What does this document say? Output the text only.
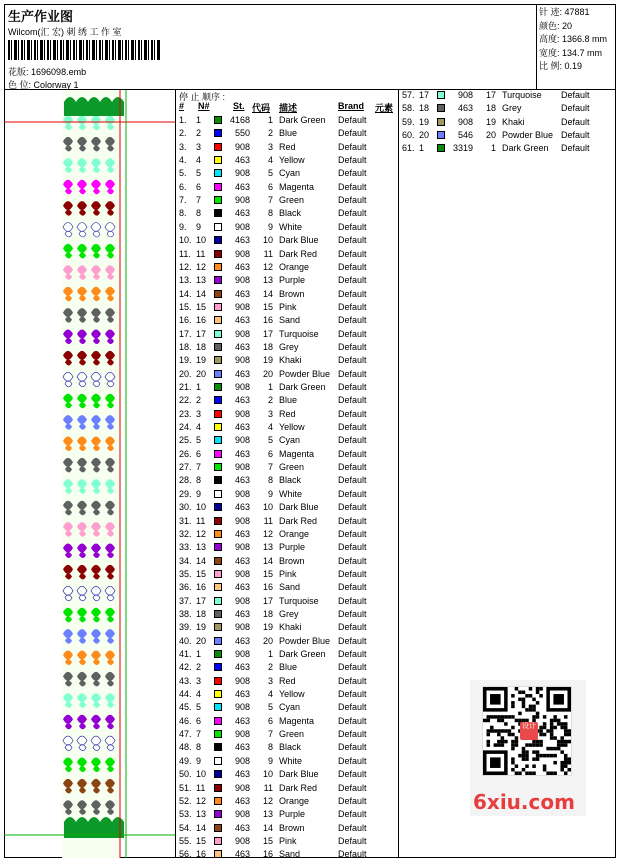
生产作业图
Wilcom(汇 宏) 刺 绣 工 作 室
花版: 1696098.emb
色 位: Colorway 1
针 迹: 47881
颜色: 20
高度: 1366.8 mm
宽度: 134.7 mm
比 例: 0.19
停 止 顺序 :
# N#	St. 代码 描述	Brand 元素
1. 1	4168 1 Dark Green Default
2. 2	550 2 Blue	Default
3. 3	908 3 Red	Default
4. 4	463 4 Yellow	Default
5. 5	908 5 Cyan	Default
6. 6	463 6 Magenta	Default
7. 7	908 7 Green	Default
8. 8	463 8 Black	Default
9. 9	908 9 White	Default
10. 10	463 10 Dark Blue Default
11. 11	908 11 Dark Red Default
12. 12	463 12 Orange	Default
13. 13	908 13 Purple	Default
14. 14	463 14 Brown	Default
15. 15	908 15 Pink	Default
16. 16	463 16 Sand	Default
17. 17	908 17 Turquoise Default
18. 18	463 18 Grey	Default
19. 19	908 19 Khaki	Default
20. 20	463 20 Powder Blue Default
21. 1	908 1 Dark Green Default
22. 2	463 2 Blue	Default
23. 3	908 3 Red	Default
24. 4	463 4 Yellow	Default
25. 5	908 5 Cyan	Default
26. 6	463 6 Magenta	Default
27. 7	908 7 Green	Default
28. 8	463 8 Black	Default
29. 9	908 9 White	Default
30. 10	463 10 Dark Blue Default
31. 11	908 11 Dark Red Default
32. 12	463 12 Orange	Default
33. 13	908 13 Purple	Default
34. 14	463 14 Brown	Default
35. 15	908 15 Pink	Default
36. 16	463 16 Sand	Default
37. 17	908 17 Turquoise Default
38. 18	463 18 Grey	Default
39. 19	908 19 Khaki	Default
40. 20	463 20 Powder Blue Default
41. 1	908 1 Dark Green Default
42. 2	463 2 Blue	Default
43. 3	908 3 Red	Default
44. 4	463 4 Yellow	Default
45. 5	908 5 Cyan	Default
46. 6	463 6 Magenta	Default
47. 7	908 7 Green	Default
48. 8	463 8 Black	Default
49. 9	908 9 White	Default
50. 10	463 10 Dark Blue Default
51. 11	908 11 Dark Red Default
52. 12	463 12 Orange	Default
53. 13	908 13 Purple	Default
54. 14	463 14 Brown	Default
55. 15	908 15 Pink	Default
56. 16	463 16 Sand	Default
57. 17	908 17 Turquoise Default
58. 18	463 18 Grey	Default
59. 19	908 19 Khaki	Default
60. 20	546 20 Powder Blue Default
61. 1	3319 1 Dark Green Default
设计
6xiu.com
